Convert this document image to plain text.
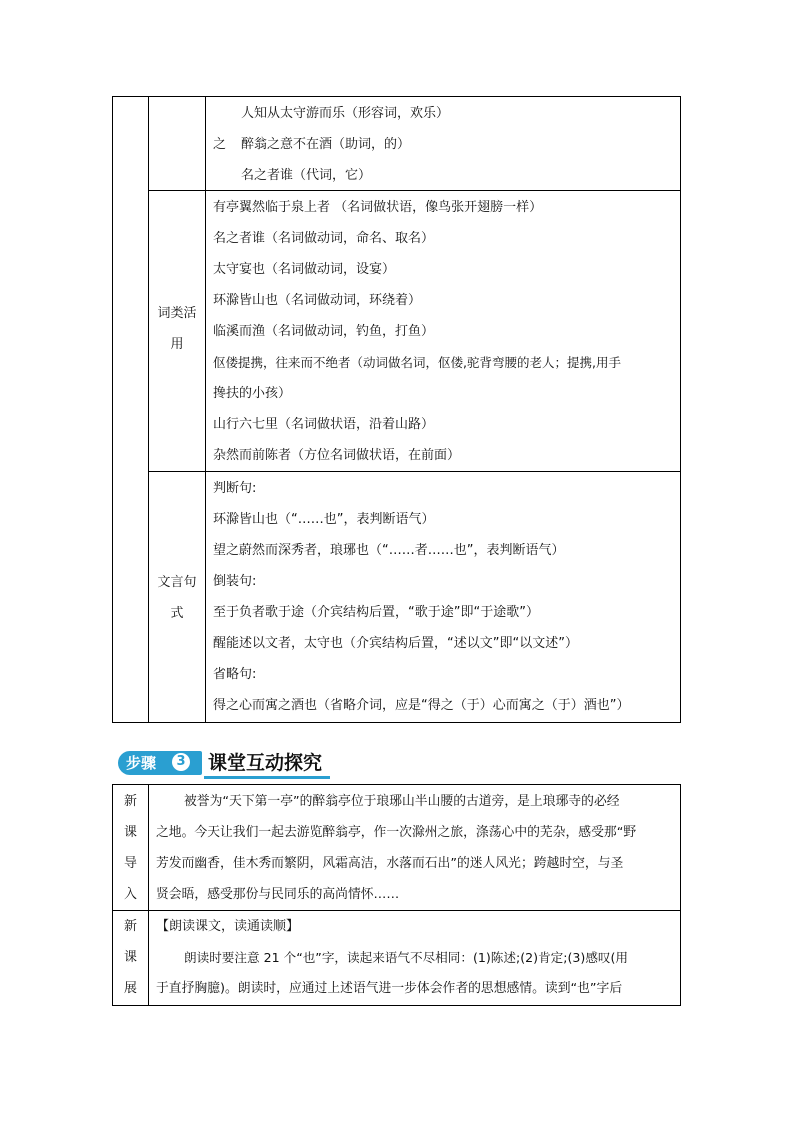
之
人知从太守游而乐（形容词，欢乐）
醉翁之意不在酒（助词，的）
名之者谁（代词，它）
词类活
用
有亭翼然临于泉上者 （名词做状语，像鸟张开翅膀一样）
名之者谁（名词做动词，命名、取名）
太守宴也（名词做动词，设宴）
环滁皆山也（名词做动词，环绕着）
临溪而渔（名词做动词，钓鱼，打鱼）
伛偻提携，往来而不绝者（动词做名词，伛偻,驼背弯腰的老人；提携,用手
搀扶的小孩）
山行六七里（名词做状语，沿着山路）
杂然而前陈者（方位名词做状语，在前面）
文言句
式
判断句:
环滁皆山也（“……也”，表判断语气）
望之蔚然而深秀者，琅琊也（“……者……也”，表判断语气）
倒装句:
至于负者歌于途（介宾结构后置，“歌于途”即“于途歌”）
醒能述以文者，太守也（介宾结构后置，“述以文”即“以文述”）
省略句:
得之心而寓之酒也（省略介词，应是“得之（于）心而寓之（于）酒也”）
步骤	3 课堂互动探究
新
课
导
入
被誉为“天下第一亭”的醉翁亭位于琅琊山半山腰的古道旁，是上琅琊寺的必经
之地。今天让我们一起去游览醉翁亭，作一次滁州之旅，涤荡心中的芜杂，感受那“野
芳发而幽香，佳木秀而繁阴，风霜高洁，水落而石出”的迷人风光；跨越时空，与圣
贤会晤，感受那份与民同乐的高尚情怀……
新
课
展
【朗读课文，读通读顺】
朗读时要注意 21 个“也”字，读起来语气不尽相同：(1)陈述;(2)肯定;(3)感叹(用
于直抒胸臆)。朗读时，应通过上述语气进一步体会作者的思想感情。读到“也”字后
